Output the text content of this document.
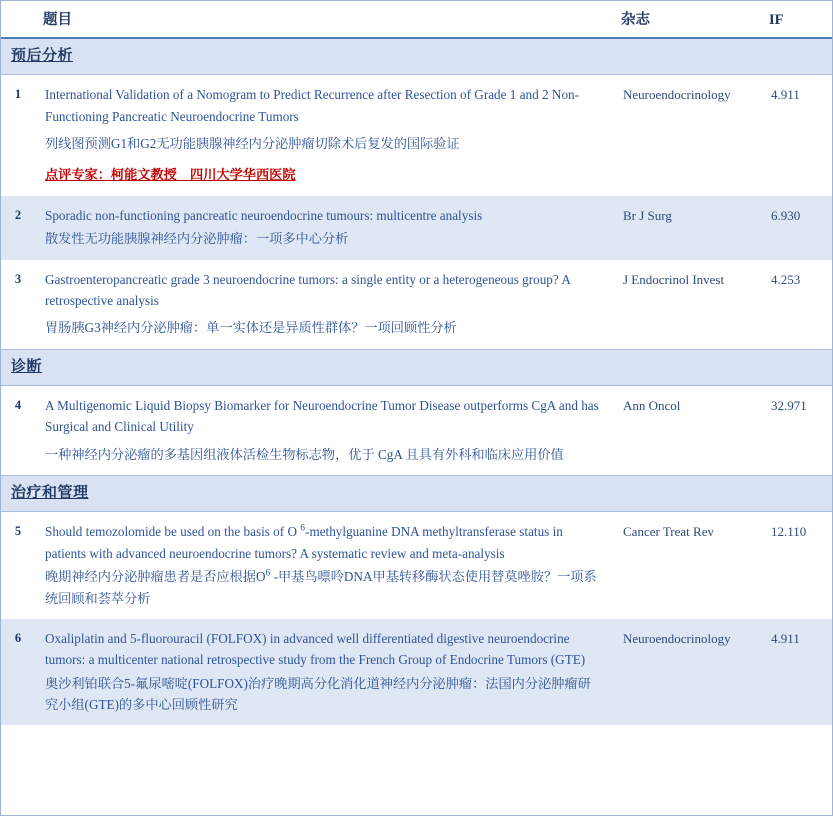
	题目	杂志	IF
预后分析			
1	International Validation of a Nomogram to Predict Recurrence after Resection of Grade 1 and 2 Non-Functioning Pancreatic Neuroendocrine Tumors
列线图预测G1和G2无功能胰腺神经内分泌肿瘤切除术后复发的国际验证
点评专家：柯能文教授　四川大学华西医院	Neuroendocrinology	4.911
2	Sporadic non-functioning pancreatic neuroendocrine tumours: multicentre analysis
散发性无功能胰腺神经内分泌肿瘤：一项多中心分析	Br J Surg	6.930
3	Gastroenteropancreatic grade 3 neuroendocrine tumors: a single entity or a heterogeneous group? A retrospective analysis
胃肠胰G3神经内分泌肿瘤：单一实体还是异质性群体？一项回顾性分析	J Endocrinol Invest	4.253
诊断			
4	A Multigenomic Liquid Biopsy Biomarker for Neuroendocrine Tumor Disease outperforms CgA and has Surgical and Clinical Utility
一种神经内分泌瘤的多基因组液体活检生物标志物，优于 CgA 且具有外科和临床应用价值	Ann Oncol	32.971
治疗和管理			
5	Should temozolomide be used on the basis of O $^6$-methylguanine DNA methyltransferase status in patients with advanced neuroendocrine tumors? A systematic review and meta-analysis
晚期神经内分泌肿瘤患者是否应根据$O^6$ -甲基鸟嘌呤DNA甲基转移酶状态使用替莫唑胺？一项系统回顾和荟萃分析	Cancer Treat Rev	12.110
6	Oxaliplatin and 5-fluorouracil (FOLFOX) in advanced well differentiated digestive neuroendocrine tumors: a multicenter national retrospective study from the French Group of Endocrine Tumors (GTE)
奥沙利铂联合5-氟尿嘧啶(FOLFOX)治疗晚期高分化消化道神经内分泌肿瘤：法国内分泌肿瘤研究小组(GTE)的多中心回顾性研究	Neuroendocrinology	4.911
